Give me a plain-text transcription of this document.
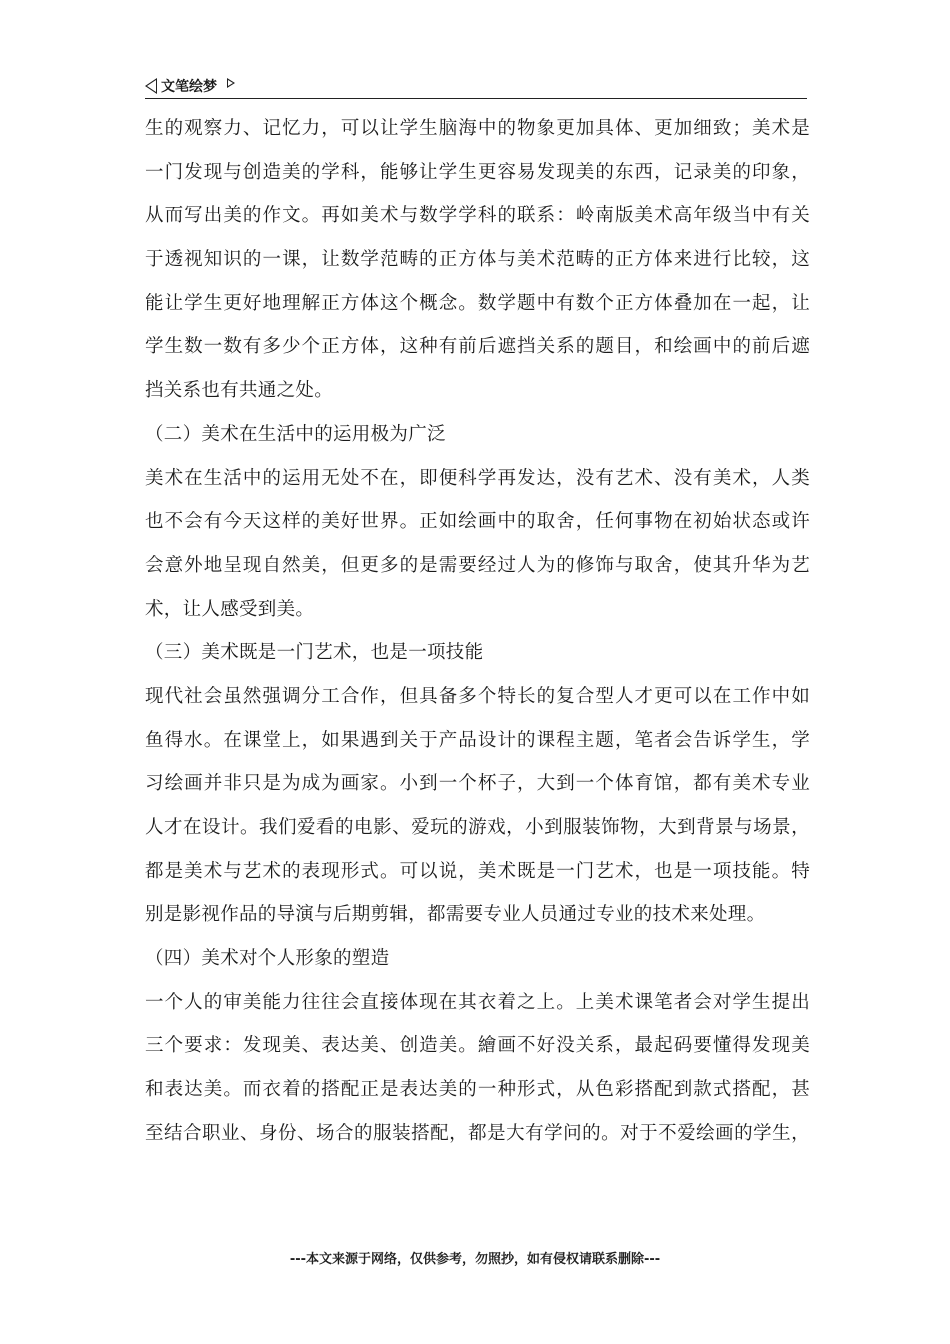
文笔绘梦
生的观察力、记忆力，可以让学生脑海中的物象更加具体、更加细致；美术是
一门发现与创造美的学科，能够让学生更容易发现美的东西，记录美的印象，
从而写出美的作文。再如美术与数学学科的联系：岭南版美术高年级当中有关
于透视知识的一课，让数学范畴的正方体与美术范畴的正方体来进行比较，这
能让学生更好地理解正方体这个概念。数学题中有数个正方体叠加在一起，让
学生数一数有多少个正方体，这种有前后遮挡关系的题目，和绘画中的前后遮
挡关系也有共通之处。
（二）美术在生活中的运用极为广泛
美术在生活中的运用无处不在，即便科学再发达，没有艺术、没有美术，人类
也不会有今天这样的美好世界。正如绘画中的取舍，任何事物在初始状态或许
会意外地呈现自然美，但更多的是需要经过人为的修饰与取舍，使其升华为艺
术，让人感受到美。
（三）美术既是一门艺术，也是一项技能
现代社会虽然强调分工合作，但具备多个特长的复合型人才更可以在工作中如
鱼得水。在课堂上，如果遇到关于产品设计的课程主题，笔者会告诉学生，学
习绘画并非只是为成为画家。小到一个杯子，大到一个体育馆，都有美术专业
人才在设计。我们爱看的电影、爱玩的游戏，小到服装饰物，大到背景与场景，
都是美术与艺术的表现形式。可以说，美术既是一门艺术，也是一项技能。特
别是影视作品的导演与后期剪辑，都需要专业人员通过专业的技术来处理。
（四）美术对个人形象的塑造
一个人的审美能力往往会直接体现在其衣着之上。上美术课笔者会对学生提出
三个要求：发现美、表达美、创造美。繪画不好没关系，最起码要懂得发现美
和表达美。而衣着的搭配正是表达美的一种形式，从色彩搭配到款式搭配，甚
至结合职业、身份、场合的服装搭配，都是大有学问的。对于不爱绘画的学生，
---本文来源于网络，仅供参考，勿照抄，如有侵权请联系删除---
